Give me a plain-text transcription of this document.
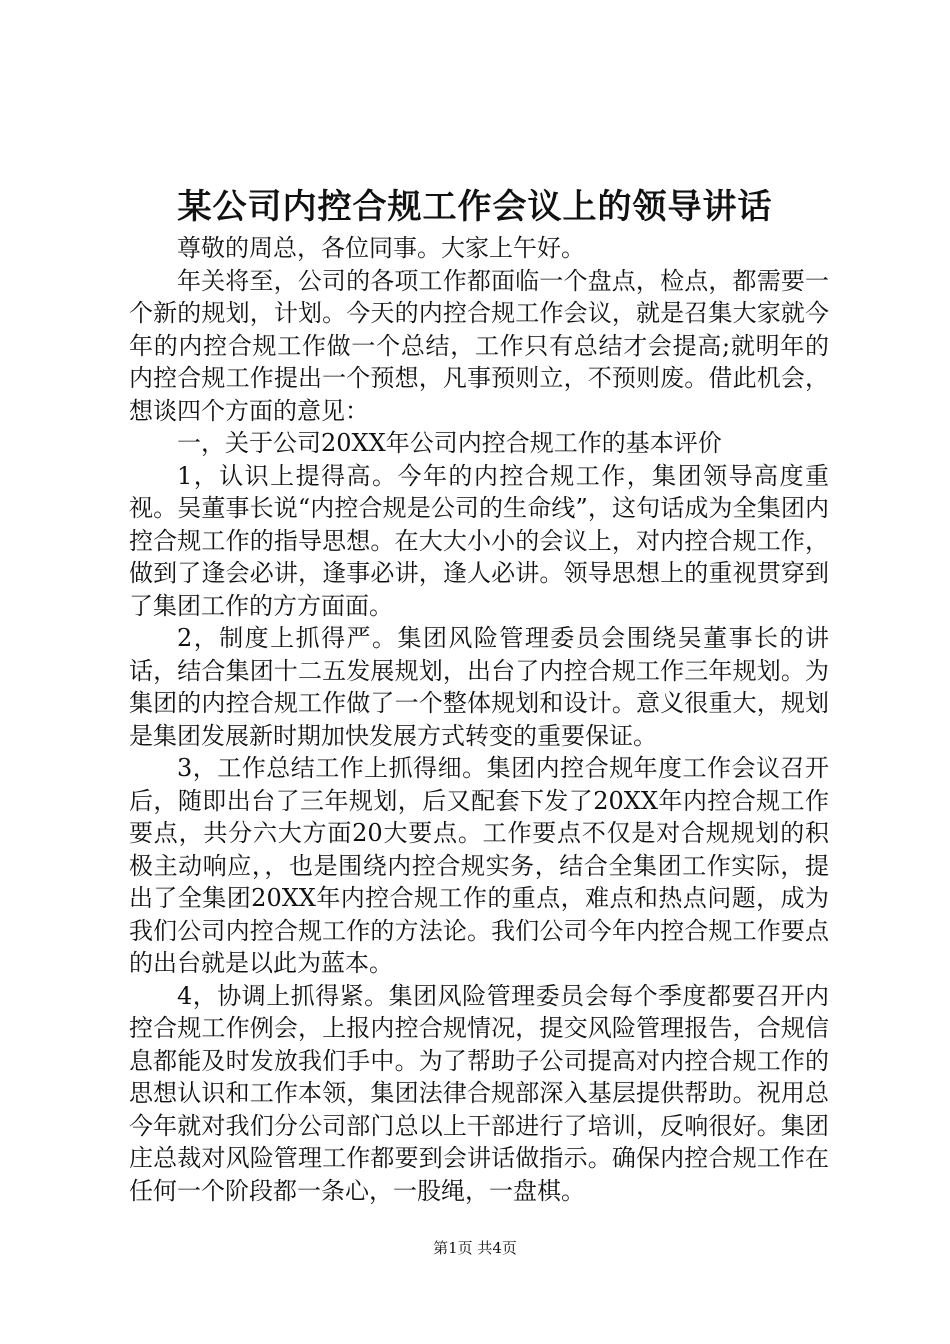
某公司内控合规工作会议上的领导讲话

尊敬的周总，各位同事。大家上午好。

年关将至，公司的各项工作都面临一个盘点，检点，都需要一个新的规划，计划。今天的内控合规工作会议，就是召集大家就今年的内控合规工作做一个总结，工作只有总结才会提高;就明年的内控合规工作提出一个预想，凡事预则立，不预则废。借此机会，想谈四个方面的意见：

一，关于公司20XX年公司内控合规工作的基本评价

1，认识上提得高。今年的内控合规工作，集团领导高度重视。吴董事长说“内控合规是公司的生命线”，这句话成为全集团内控合规工作的指导思想。在大大小小的会议上，对内控合规工作，做到了逢会必讲，逢事必讲，逢人必讲。领导思想上的重视贯穿到了集团工作的方方面面。

2，制度上抓得严。集团风险管理委员会围绕吴董事长的讲话，结合集团十二五发展规划，出台了内控合规工作三年规划。为集团的内控合规工作做了一个整体规划和设计。意义很重大，规划是集团发展新时期加快发展方式转变的重要保证。

3，工作总结工作上抓得细。集团内控合规年度工作会议召开后，随即出台了三年规划，后又配套下发了20XX年内控合规工作要点，共分六大方面20大要点。工作要点不仅是对合规规划的积极主动响应，，也是围绕内控合规实务，结合全集团工作实际，提出了全集团20XX年内控合规工作的重点，难点和热点问题，成为我们公司内控合规工作的方法论。我们公司今年内控合规工作要点的出台就是以此为蓝本。

4，协调上抓得紧。集团风险管理委员会每个季度都要召开内控合规工作例会，上报内控合规情况，提交风险管理报告，合规信息都能及时发放我们手中。为了帮助子公司提高对内控合规工作的思想认识和工作本领，集团法律合规部深入基层提供帮助。祝用总今年就对我们分公司部门总以上干部进行了培训，反响很好。集团庄总裁对风险管理工作都要到会讲话做指示。确保内控合规工作在任何一个阶段都一条心，一股绳，一盘棋。

第1页 共4页
